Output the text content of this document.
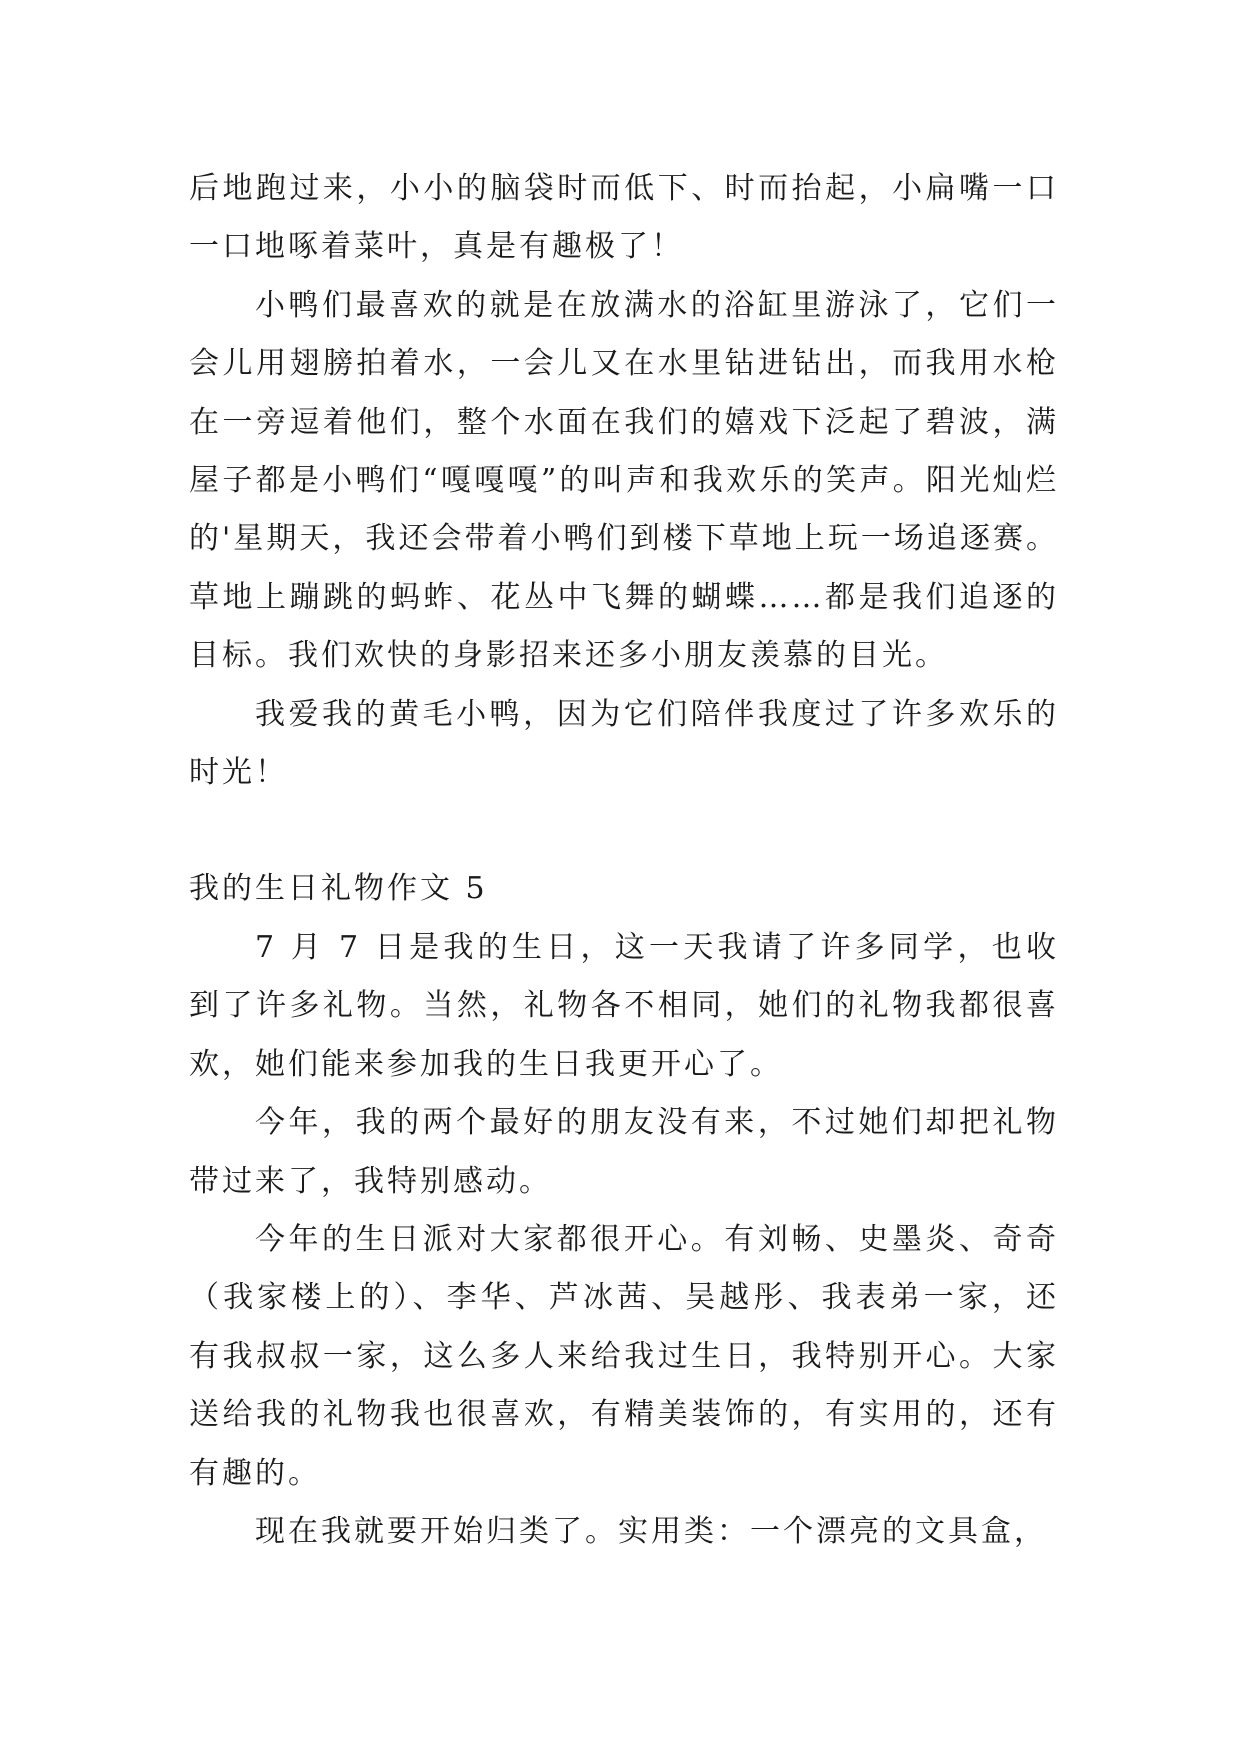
后地跑过来，小小的脑袋时而低下、时而抬起，小扁嘴一口一口地啄着菜叶，真是有趣极了！

小鸭们最喜欢的就是在放满水的浴缸里游泳了，它们一会儿用翅膀拍着水，一会儿又在水里钻进钻出，而我用水枪在一旁逗着他们，整个水面在我们的嬉戏下泛起了碧波，满屋子都是小鸭们“嘎嘎嘎”的叫声和我欢乐的笑声。阳光灿烂的'星期天，我还会带着小鸭们到楼下草地上玩一场追逐赛。草地上蹦跳的蚂蚱、花丛中飞舞的蝴蝶……都是我们追逐的目标。我们欢快的身影招来还多小朋友羡慕的目光。

我爱我的黄毛小鸭，因为它们陪伴我度过了许多欢乐的时光！

我的生日礼物作文 5

7 月 7 日是我的生日，这一天我请了许多同学，也收到了许多礼物。当然，礼物各不相同，她们的礼物我都很喜欢，她们能来参加我的生日我更开心了。

今年，我的两个最好的朋友没有来，不过她们却把礼物带过来了，我特别感动。

今年的生日派对大家都很开心。有刘畅、史墨炎、奇奇（我家楼上的）、李华、芦冰茜、吴越彤、我表弟一家，还有我叔叔一家，这么多人来给我过生日，我特别开心。大家送给我的礼物我也很喜欢，有精美装饰的，有实用的，还有有趣的。

现在我就要开始归类了。实用类：一个漂亮的文具盒，
